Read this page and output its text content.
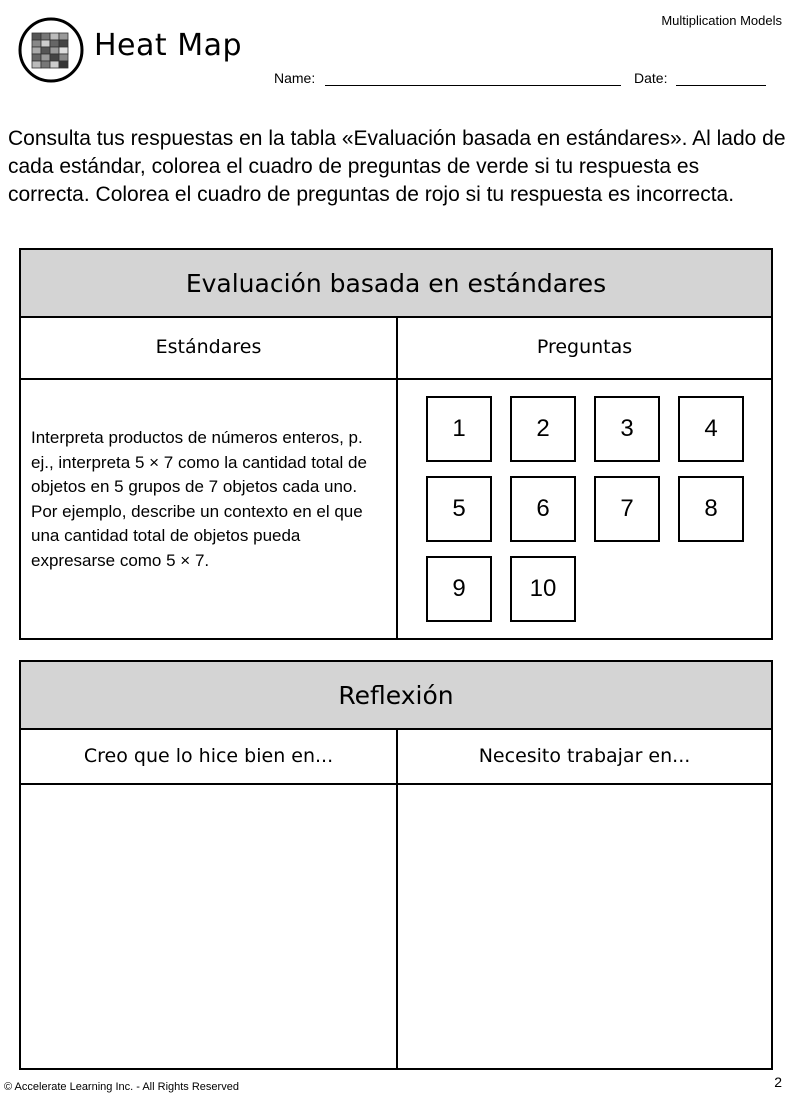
Multiplication Models
Heat Map
Name:	Date:
Consulta tus respuestas en la tabla «Evaluación basada en estándares». Al lado de cada estándar, colorea el cuadro de preguntas de verde si tu respuesta es correcta. Colorea el cuadro de preguntas de rojo si tu respuesta es incorrecta.
Evaluación basada en estándares
Estándares	Preguntas
Interpreta productos de números enteros, p. ej., interpreta 5 × 7 como la cantidad total de objetos en 5 grupos de 7 objetos cada uno. Por ejemplo, describe un contexto en el que una cantidad total de objetos pueda expresarse como 5 × 7.
1	2	3	4
5	6	7	8
9	10
Reflexión
Creo que lo hice bien en...	Necesito trabajar en...
© Accelerate Learning Inc. - All Rights Reserved	2
